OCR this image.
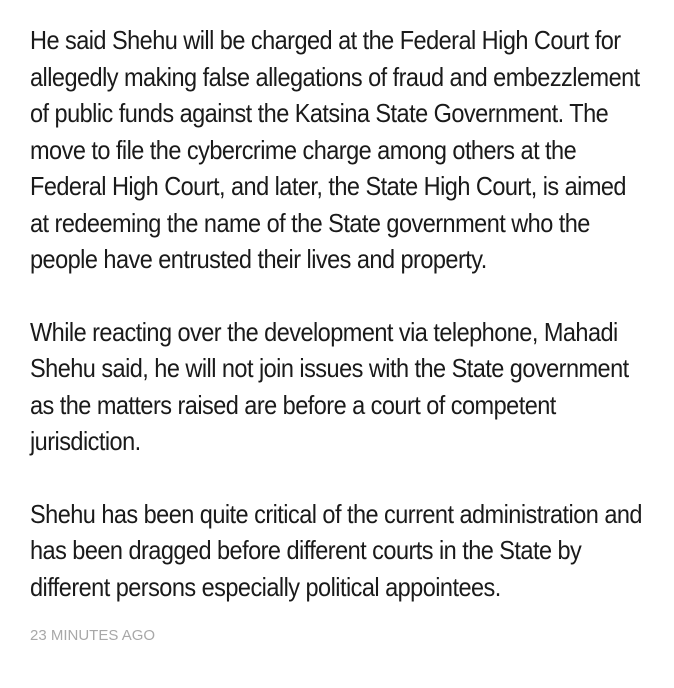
He said Shehu will be charged at the Federal High Court for allegedly making false allegations of fraud and embezzlement of public funds against the Katsina State Government. The move to file the cybercrime charge among others at the Federal High Court, and later, the State High Court, is aimed at redeeming the name of the State government who the people have entrusted their lives and property.

While reacting over the development via telephone, Mahadi Shehu said, he will not join issues with the State government as the matters raised are before a court of competent jurisdiction.

Shehu has been quite critical of the current administration and has been dragged before different courts in the State by different persons especially political appointees.

23 MINUTES AGO
